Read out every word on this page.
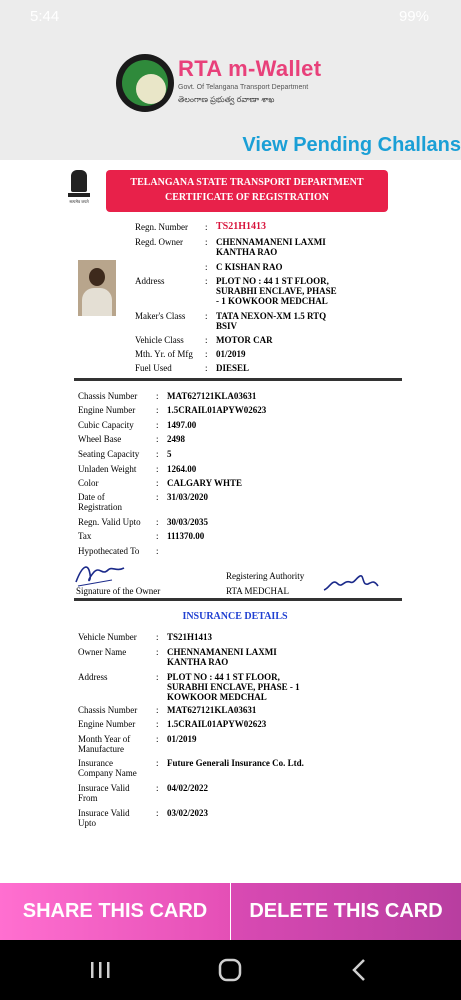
5:44	99%
RTA m-Wallet
Govt. Of Telangana Transport Department
తెలంగాణ ప్రభుత్వ రవాణా శాఖ
View Pending Challans
सत्यमेव जयते
TELANGANA STATE TRANSPORT DEPARTMENT
CERTIFICATE OF REGISTRATION
Regn. Number : TS21H1413
Regd. Owner : CHENNAMANENI LAXMI
KANTHA RAO
: C KISHAN RAO
Address	: PLOT NO : 44 1 ST FLOOR,
SURABHI ENCLAVE, PHASE
- 1 KOWKOOR MEDCHAL
Maker's Class : TATA NEXON-XM 1.5 RTQ
BSIV
Vehicle Class : MOTOR CAR
Mth. Yr. of Mfg : 01/2019
Fuel Used	: DIESEL
Chassis Number : MAT627121KLA03631
Engine Number : 1.5CRAIL01APYW02623
Cubic Capacity : 1497.00
Wheel Base	: 2498
Seating Capacity : 5
Unladen Weight : 1264.00
Color	: CALGARY WHTE
Date of
Registration
: 31/03/2020
Regn. Valid Upto : 30/03/2035
Tax	: 111370.00
Hypothecated To :
Signature of the Owner
Registering Authority
RTA MEDCHAL
INSURANCE DETAILS
Vehicle Number : TS21H1413
Owner Name	: CHENNAMANENI LAXMI
KANTHA RAO
Address	: PLOT NO : 44 1 ST FLOOR,
SURABHI ENCLAVE, PHASE - 1
KOWKOOR MEDCHAL
Chassis Number : MAT627121KLA03631
Engine Number : 1.5CRAIL01APYW02623
Month Year of
Manufacture
: 01/2019
Insurance
Company Name
: Future Generali Insurance Co. Ltd.
Insurace Valid
From
: 04/02/2022
Insurace Valid
Upto
: 03/02/2023
SHARE THIS CARD	DELETE THIS CARD
